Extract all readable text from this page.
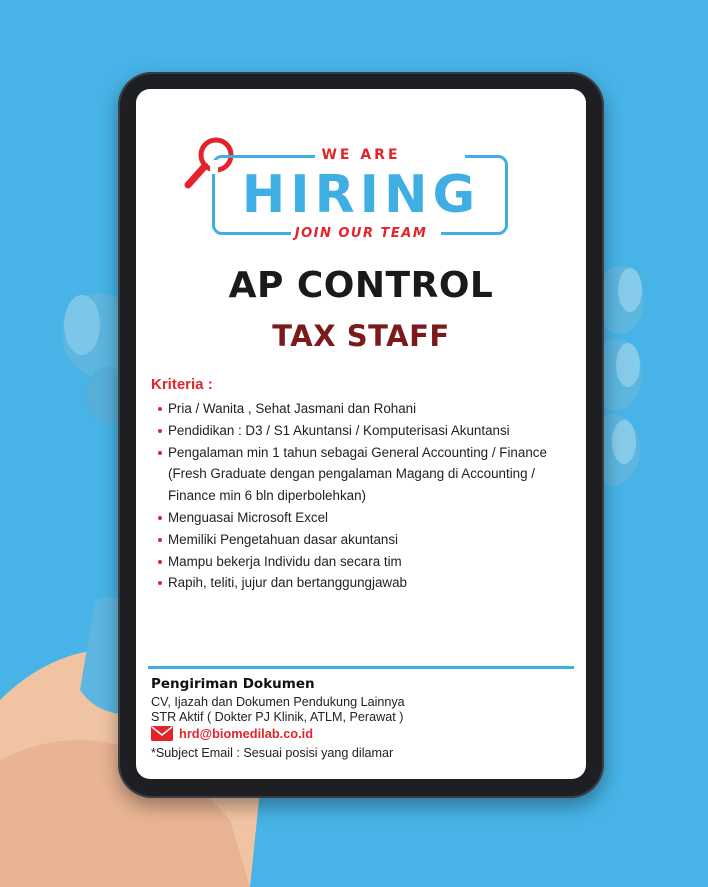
WE ARE
HIRING
JOIN OUR TEAM
AP CONTROL
TAX STAFF
Kriteria :
Pria / Wanita , Sehat Jasmani dan Rohani
Pendidikan : D3 / S1 Akuntansi / Komputerisasi Akuntansi
Pengalaman min 1 tahun sebagai General Accounting / Finance
(Fresh Graduate dengan pengalaman Magang di Accounting /
Finance min 6 bln diperbolehkan)
Menguasai Microsoft Excel
Memiliki Pengetahuan dasar akuntansi
Mampu bekerja Individu dan secara tim
Rapih, teliti, jujur dan bertanggungjawab
Pengiriman Dokumen
CV, Ijazah dan Dokumen Pendukung Lainnya
STR Aktif ( Dokter PJ Klinik, ATLM, Perawat )
hrd@biomedilab.co.id
*Subject Email : Sesuai posisi yang dilamar
